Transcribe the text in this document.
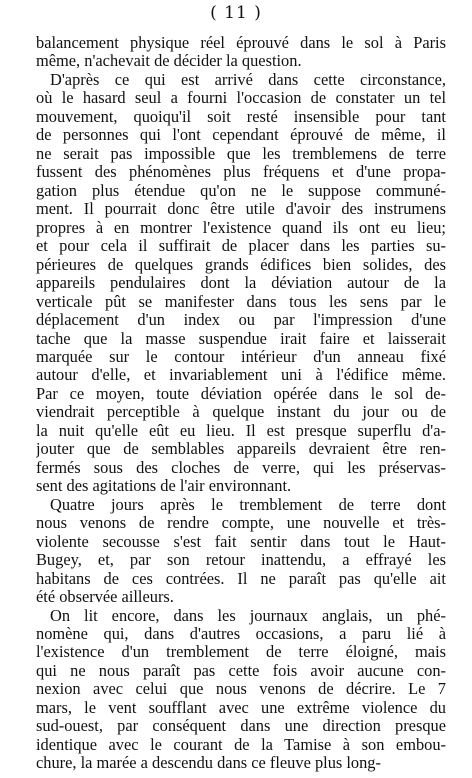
( 11 )
balancement physique réel éprouvé dans le sol à Paris
même, n'achevait de décider la question.
D'après ce qui est arrivé dans cette circonstance,
où le hasard seul a fourni l'occasion de constater un tel
mouvement, quoiqu'il soit resté insensible pour tant
de personnes qui l'ont cependant éprouvé de même, il
ne serait pas impossible que les tremblemens de terre
fussent des phénomènes plus fréquens et d'une propa-
gation plus étendue qu'on ne le suppose communé-
ment. Il pourrait donc être utile d'avoir des instrumens
propres à en montrer l'existence quand ils ont eu lieu;
et pour cela il suffirait de placer dans les parties su-
périeures de quelques grands édifices bien solides, des
appareils pendulaires dont la déviation autour de la
verticale pût se manifester dans tous les sens par le
déplacement d'un index ou par l'impression d'une
tache que la masse suspendue irait faire et laisserait
marquée sur le contour intérieur d'un anneau fixé
autour d'elle, et invariablement uni à l'édifice même.
Par ce moyen, toute déviation opérée dans le sol de-
viendrait perceptible à quelque instant du jour ou de
la nuit qu'elle eût eu lieu. Il est presque superflu d'a-
jouter que de semblables appareils devraient être ren-
fermés sous des cloches de verre, qui les préservas-
sent des agitations de l'air environnant.
Quatre jours après le tremblement de terre dont
nous venons de rendre compte, une nouvelle et très-
violente secousse s'est fait sentir dans tout le Haut-
Bugey, et, par son retour inattendu, a effrayé les
habitans de ces contrées. Il ne paraît pas qu'elle ait
été observée ailleurs.
On lit encore, dans les journaux anglais, un phé-
nomène qui, dans d'autres occasions, a paru lié à
l'existence d'un tremblement de terre éloigné, mais
qui ne nous paraît pas cette fois avoir aucune con-
nexion avec celui que nous venons de décrire. Le 7
mars, le vent soufflant avec une extrême violence du
sud-ouest, par conséquent dans une direction presque
identique avec le courant de la Tamise à son embou-
chure, la marée a descendu dans ce fleuve plus long-
